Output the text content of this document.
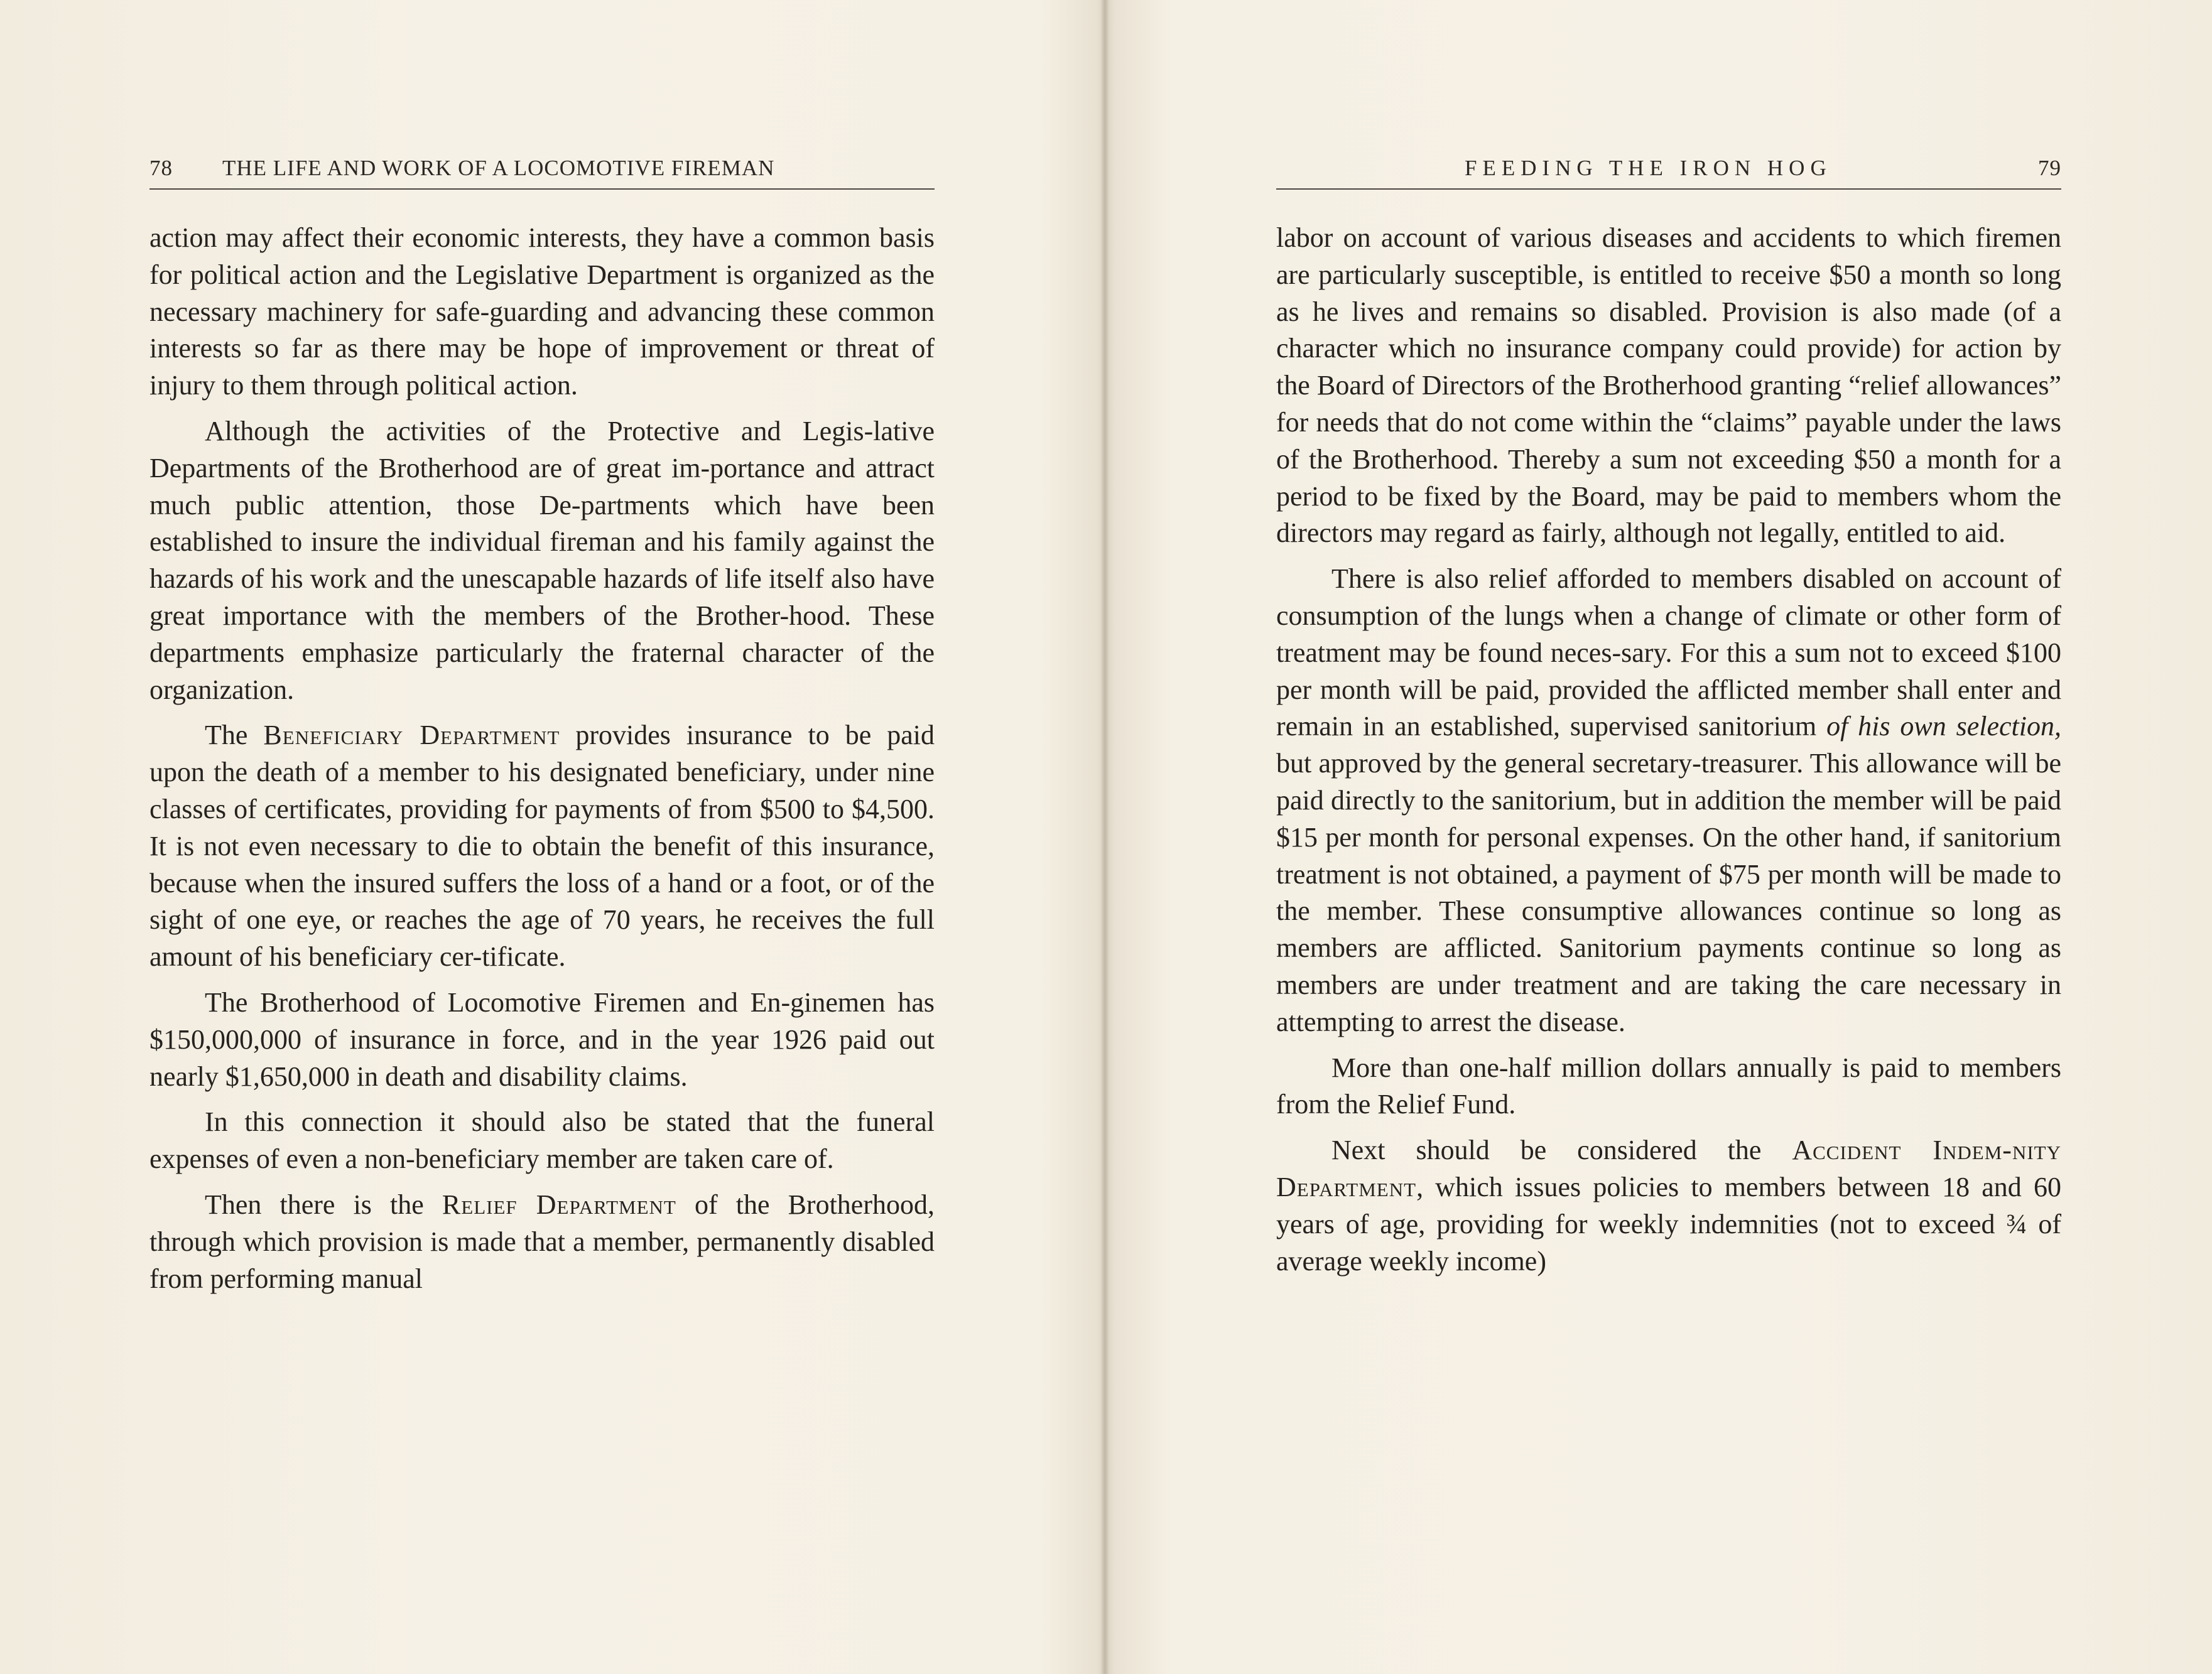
78 THE LIFE AND WORK OF A LOCOMOTIVE FIREMAN

action may affect their economic interests, they have a common basis for political action and the Legislative Department is organized as the necessary machinery for safe-guarding and advancing these common interests so far as there may be hope of improvement or threat of injury to them through political action.

Although the activities of the Protective and Legis-lative Departments of the Brotherhood are of great im-portance and attract much public attention, those De-partments which have been established to insure the individual fireman and his family against the hazards of his work and the unescapable hazards of life itself also have great importance with the members of the Brother-hood. These departments emphasize particularly the fraternal character of the organization.

The Beneficiary Department provides insurance to be paid upon the death of a member to his designated beneficiary, under nine classes of certificates, providing for payments of from $500 to $4,500. It is not even necessary to die to obtain the benefit of this insurance, because when the insured suffers the loss of a hand or a foot, or of the sight of one eye, or reaches the age of 70 years, he receives the full amount of his beneficiary cer-tificate.

The Brotherhood of Locomotive Firemen and En-ginemen has $150,000,000 of insurance in force, and in the year 1926 paid out nearly $1,650,000 in death and disability claims.

In this connection it should also be stated that the funeral expenses of even a non-beneficiary member are taken care of.

Then there is the Relief Department of the Brotherhood, through which provision is made that a member, permanently disabled from performing manual

FEEDING THE IRON HOG	79

labor on account of various diseases and accidents to which firemen are particularly susceptible, is entitled to receive $50 a month so long as he lives and remains so disabled. Provision is also made (of a character which no insurance company could provide) for action by the Board of Directors of the Brotherhood granting “relief allowances” for needs that do not come within the “claims” payable under the laws of the Brotherhood. Thereby a sum not exceeding $50 a month for a period to be fixed by the Board, may be paid to members whom the directors may regard as fairly, although not legally, entitled to aid.

There is also relief afforded to members disabled on account of consumption of the lungs when a change of climate or other form of treatment may be found neces-sary. For this a sum not to exceed $100 per month will be paid, provided the afflicted member shall enter and remain in an established, supervised sanitorium of his own selection, but approved by the general secretary-treasurer. This allowance will be paid directly to the sanitorium, but in addition the member will be paid $15 per month for personal expenses. On the other hand, if sanitorium treatment is not obtained, a payment of $75 per month will be made to the member. These consumptive allowances continue so long as members are afflicted. Sanitorium payments continue so long as members are under treatment and are taking the care necessary in attempting to arrest the disease.

More than one-half million dollars annually is paid to members from the Relief Fund.

Next should be considered the Accident Indem-nity Department, which issues policies to members between 18 and 60 years of age, providing for weekly indemnities (not to exceed ¾ of average weekly income)
